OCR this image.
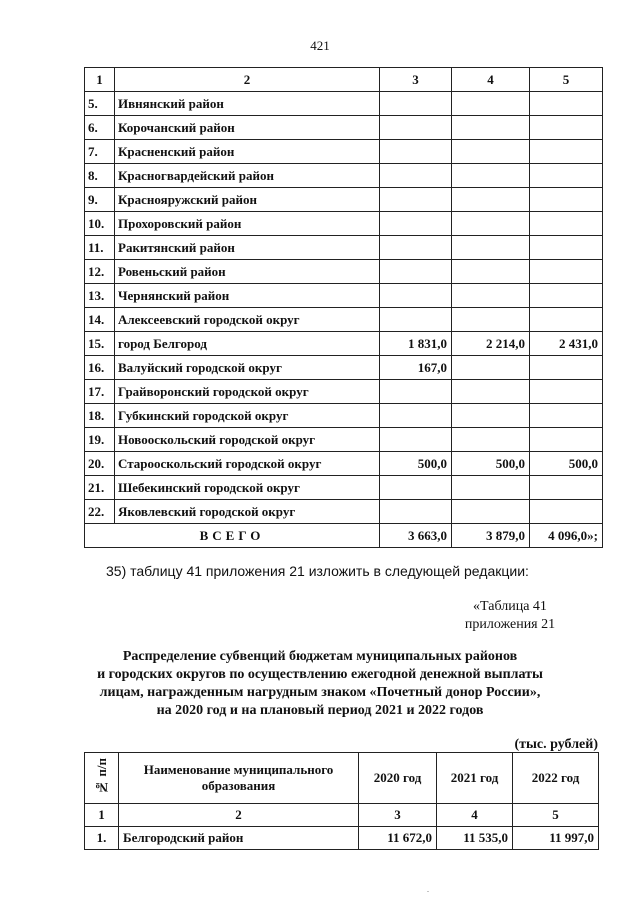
421
1	2	3	4	5
5.	Ивнянский район			
6.	Корочанский район			
7.	Красненский район			
8.	Красногвардейский район			
9.	Краснояружский район			
10.	Прохоровский район			
11.	Ракитянский район			
12.	Ровеньский район			
13.	Чернянский район			
14.	Алексеевский городской округ			
15.	город Белгород	1 831,0	2 214,0	2 431,0
16.	Валуйский городской округ	167,0		
17.	Грайворонский городской округ			
18.	Губкинский городской округ			
19.	Новооскольский городской округ			
20.	Старооскольский городской округ	500,0	500,0	500,0
21.	Шебекинский городской округ			
22.	Яковлевский городской округ			
ВСЕГО		3 663,0	3 879,0	4 096,0»;
35) таблицу 41 приложения 21 изложить в следующей редакции:
«Таблица 41
приложения 21
Распределение субвенций бюджетам муниципальных районов
и городских округов по осуществлению ежегодной денежной выплаты
лицам, награжденным нагрудным знаком «Почетный донор России»,
на 2020 год и на плановый период 2021 и 2022 годов
(тыс. рублей)
№ п/п	Наименование муниципального образования	2020 год	2021 год	2022 год
1	2	3	4	5
1.	Белгородский район	11 672,0	11 535,0	11 997,0
.
